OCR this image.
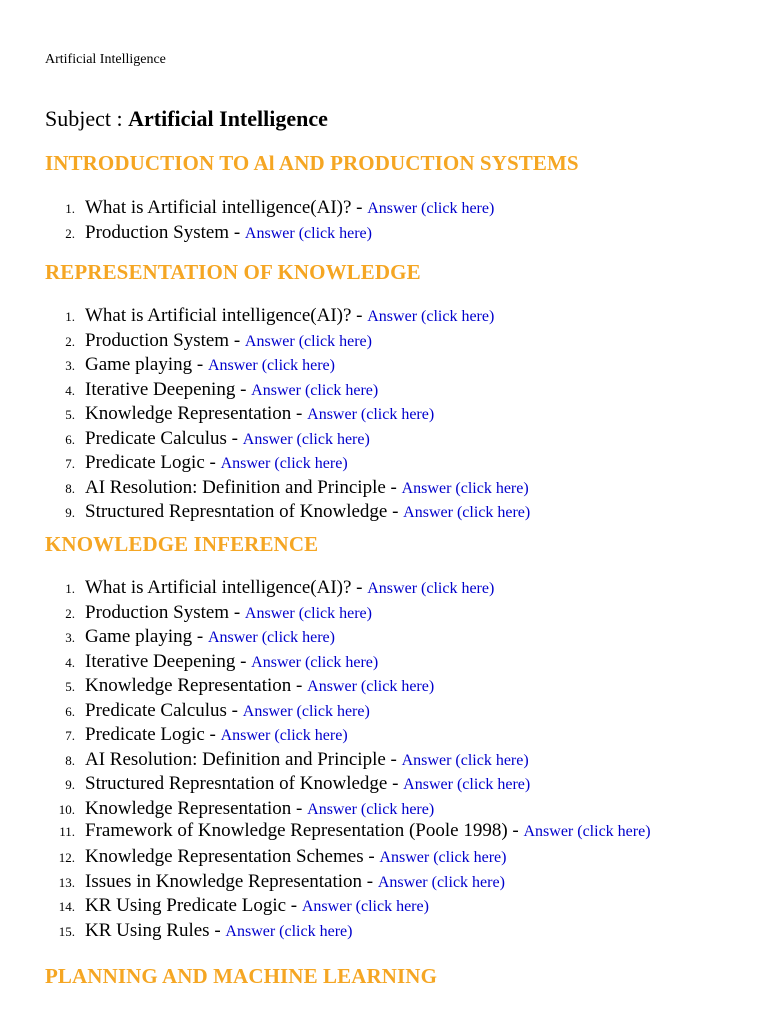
Artificial Intelligence

Subject : Artificial Intelligence
INTRODUCTION TO Al AND PRODUCTION SYSTEMS
1. What is Artificial intelligence(AI)? - Answer (click here)
2. Production System - Answer (click here)
REPRESENTATION OF KNOWLEDGE
1. What is Artificial intelligence(AI)? - Answer (click here)
2. Production System - Answer (click here)
3. Game playing - Answer (click here)
4. Iterative Deepening - Answer (click here)
5. Knowledge Representation - Answer (click here)
6. Predicate Calculus - Answer (click here)
7. Predicate Logic - Answer (click here)
8. AI Resolution: Definition and Principle - Answer (click here)
9. Structured Represntation of Knowledge - Answer (click here)
KNOWLEDGE INFERENCE
1. What is Artificial intelligence(AI)? - Answer (click here)
2. Production System - Answer (click here)
3. Game playing - Answer (click here)
4. Iterative Deepening - Answer (click here)
5. Knowledge Representation - Answer (click here)
6. Predicate Calculus - Answer (click here)
7. Predicate Logic - Answer (click here)
8. AI Resolution: Definition and Principle - Answer (click here)
9. Structured Represntation of Knowledge - Answer (click here)
10. Knowledge Representation - Answer (click here)
11. Framework of Knowledge Representation (Poole 1998) - Answer (click here)
12. Knowledge Representation Schemes - Answer (click here)
13. Issues in Knowledge Representation - Answer (click here)
14. KR Using Predicate Logic - Answer (click here)
15. KR Using Rules - Answer (click here)
PLANNING AND MACHINE LEARNING
